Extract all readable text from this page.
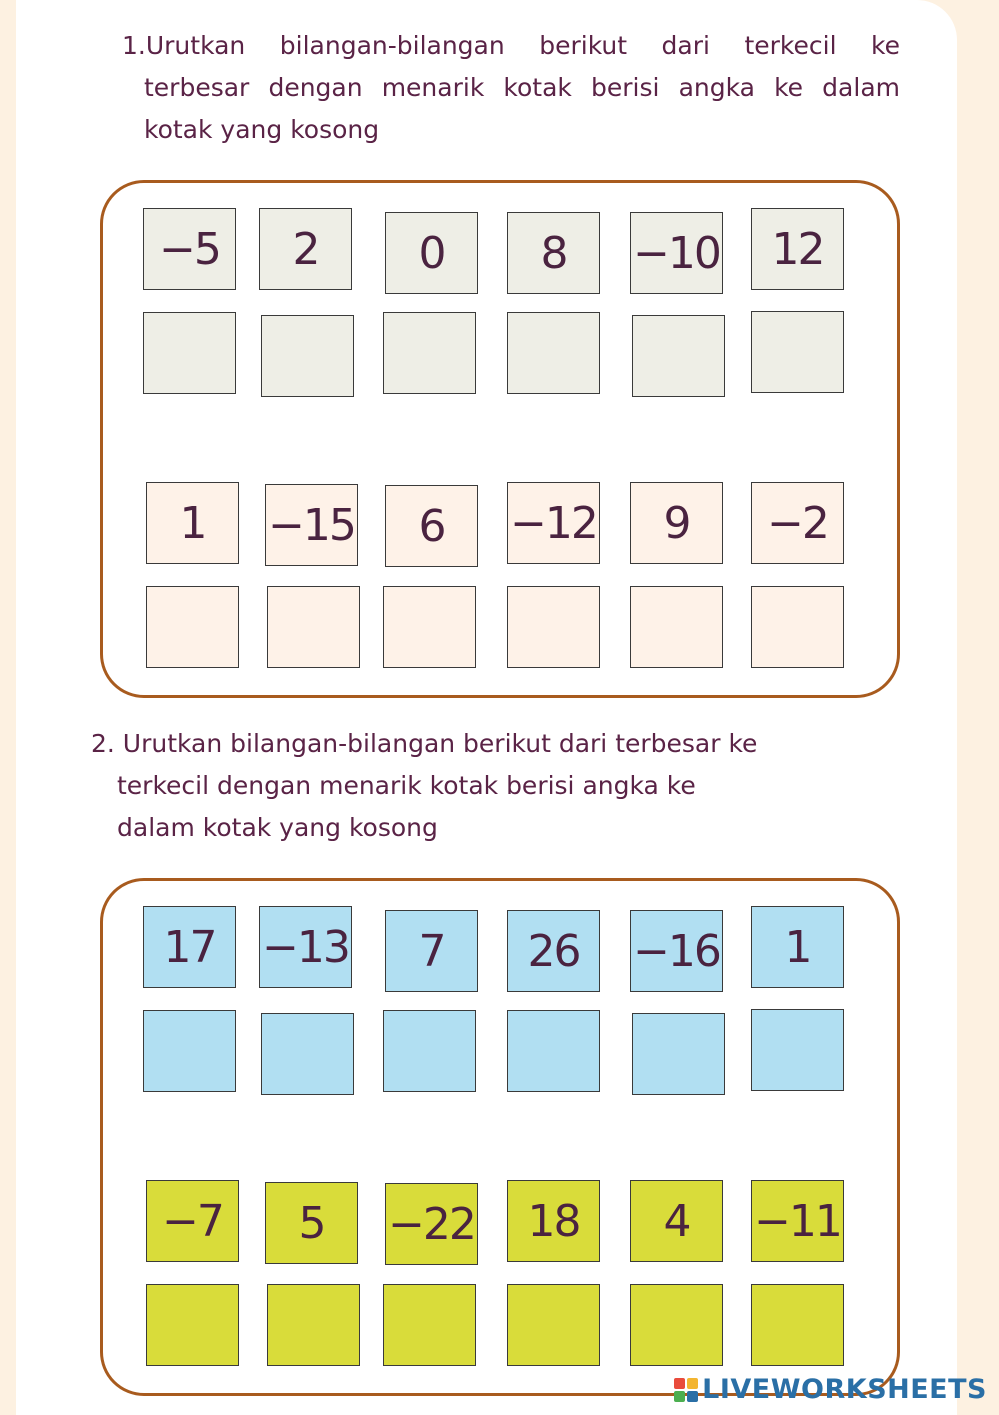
1.Urutkan bilangan-bilangan berikut dari terkecil ke
terbesar dengan menarik kotak berisi angka ke dalam
kotak yang kosong
−5	2	0	8	−10	12
1	−15	6	−12	9	−2
2. Urutkan bilangan-bilangan berikut dari terbesar ke
terkecil dengan menarik kotak berisi angka ke
dalam kotak yang kosong
17	−13	7	26	−16	1
−7	5	−22	18	4	−11
LIVEWORKSHEETS
